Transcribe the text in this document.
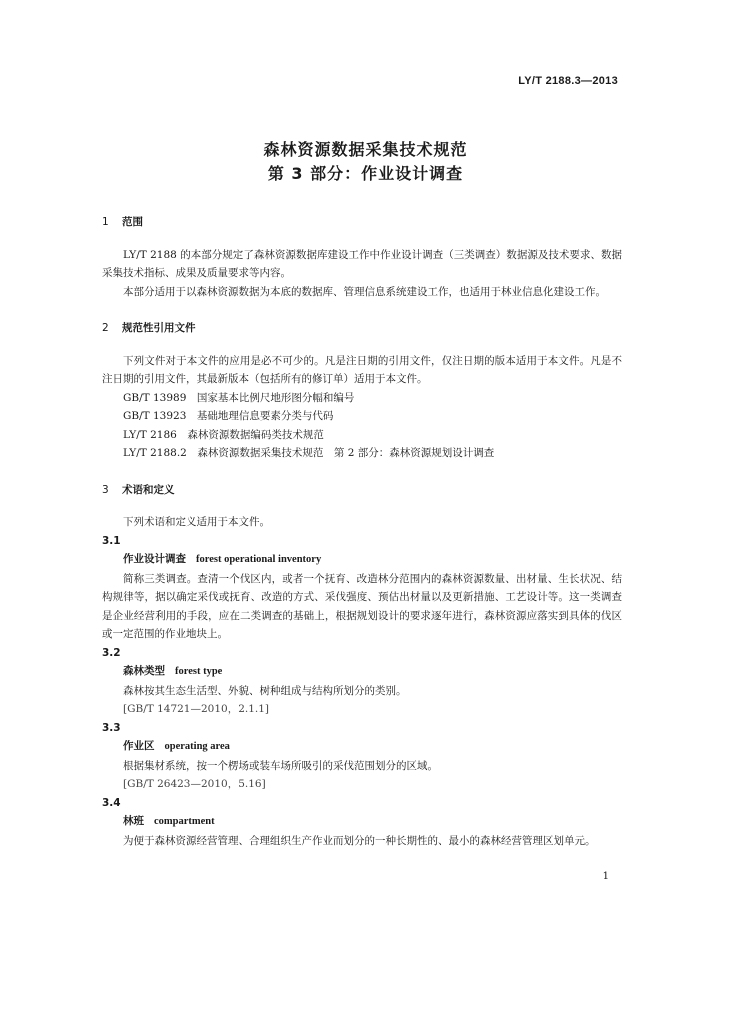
LY/T 2188.3—2013
森林资源数据采集技术规范
第 3 部分：作业设计调查

1 范围

LY/T 2188 的本部分规定了森林资源数据库建设工作中作业设计调查（三类调查）数据源及技术要求、数据采集技术指标、成果及质量要求等内容。

本部分适用于以森林资源数据为本底的数据库、管理信息系统建设工作，也适用于林业信息化建设工作。

2 规范性引用文件

下列文件对于本文件的应用是必不可少的。凡是注日期的引用文件，仅注日期的版本适用于本文件。凡是不注日期的引用文件，其最新版本（包括所有的修订单）适用于本文件。

GB/T 13989　国家基本比例尺地形图分幅和编号

GB/T 13923　基础地理信息要素分类与代码

LY/T 2186　森林资源数据编码类技术规范

LY/T 2188.2　森林资源数据采集技术规范　第 2 部分：森林资源规划设计调查

3 术语和定义

下列术语和定义适用于本文件。

3.1

作业设计调查 forest operational inventory

简称三类调查。查清一个伐区内，或者一个抚育、改造林分范围内的森林资源数量、出材量、生长状况、结构规律等，据以确定采伐或抚育、改造的方式、采伐强度、预估出材量以及更新措施、工艺设计等。这一类调查是企业经营利用的手段，应在二类调查的基础上，根据规划设计的要求逐年进行，森林资源应落实到具体的伐区或一定范围的作业地块上。

3.2

森林类型 forest type

森林按其生态生活型、外貌、树种组成与结构所划分的类别。

[GB/T 14721—2010，2.1.1]

3.3

作业区 operating area

根据集材系统，按一个楞场或装车场所吸引的采伐范围划分的区域。

[GB/T 26423—2010，5.16]

3.4

林班 compartment

为便于森林资源经营管理、合理组织生产作业而划分的一种长期性的、最小的森林经营管理区划单元。

1
